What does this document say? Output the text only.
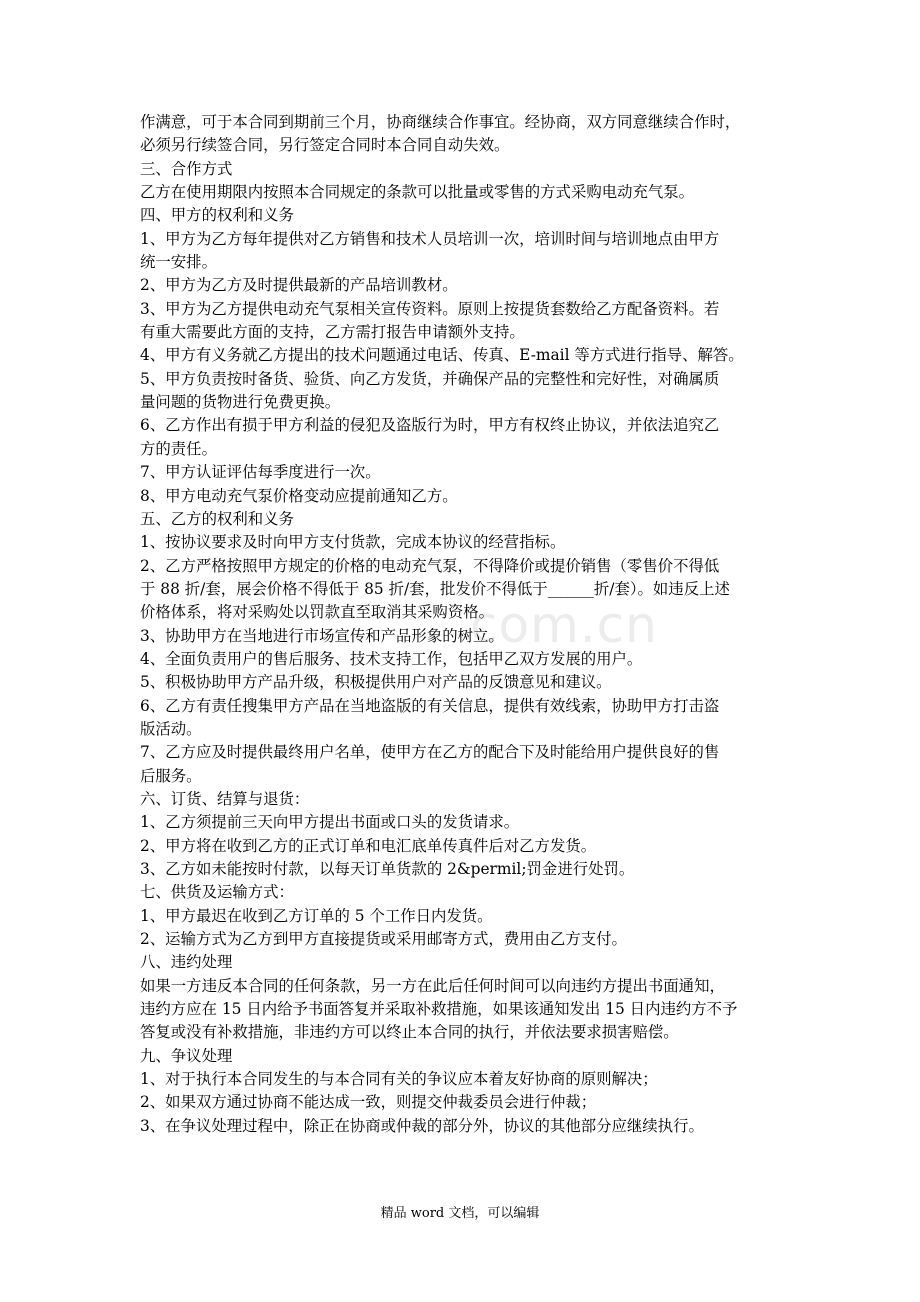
com.cn
作满意，可于本合同到期前三个月，协商继续合作事宜。经协商，双方同意继续合作时，
必须另行续签合同，另行签定合同时本合同自动失效。
三、合作方式
乙方在使用期限内按照本合同规定的条款可以批量或零售的方式采购电动充气泵。
四、甲方的权利和义务
1、甲方为乙方每年提供对乙方销售和技术人员培训一次，培训时间与培训地点由甲方
统一安排。
2、甲方为乙方及时提供最新的产品培训教材。
3、甲方为乙方提供电动充气泵相关宣传资料。原则上按提货套数给乙方配备资料。若
有重大需要此方面的支持，乙方需打报告申请额外支持。
4、甲方有义务就乙方提出的技术问题通过电话、传真、E-mail 等方式进行指导、解答。
5、甲方负责按时备货、验货、向乙方发货，并确保产品的完整性和完好性，对确属质
量问题的货物进行免费更换。
6、乙方作出有损于甲方利益的侵犯及盗版行为时，甲方有权终止协议，并依法追究乙
方的责任。
7、甲方认证评估每季度进行一次。
8、甲方电动充气泵价格变动应提前通知乙方。
五、乙方的权利和义务
1、按协议要求及时向甲方支付货款，完成本协议的经营指标。
2、乙方严格按照甲方规定的价格的电动充气泵，不得降价或提价销售（零售价不得低
于 88 折/套，展会价格不得低于 85 折/套，批发价不得低于______折/套）。如违反上述
价格体系，将对采购处以罚款直至取消其采购资格。
3、协助甲方在当地进行市场宣传和产品形象的树立。
4、全面负责用户的售后服务、技术支持工作，包括甲乙双方发展的用户。
5、积极协助甲方产品升级，积极提供用户对产品的反馈意见和建议。
6、乙方有责任搜集甲方产品在当地盗版的有关信息，提供有效线索，协助甲方打击盗
版活动。
7、乙方应及时提供最终用户名单，使甲方在乙方的配合下及时能给用户提供良好的售
后服务。
六、订货、结算与退货：
1、乙方须提前三天向甲方提出书面或口头的发货请求。
2、甲方将在收到乙方的正式订单和电汇底单传真件后对乙方发货。
3、乙方如未能按时付款，以每天订单货款的 2&permil;罚金进行处罚。
七、供货及运输方式：
1、甲方最迟在收到乙方订单的 5 个工作日内发货。
2、运输方式为乙方到甲方直接提货或采用邮寄方式，费用由乙方支付。
八、违约处理
如果一方违反本合同的任何条款，另一方在此后任何时间可以向违约方提出书面通知，
违约方应在 15 日内给予书面答复并采取补救措施，如果该通知发出 15 日内违约方不予
答复或没有补救措施，非违约方可以终止本合同的执行，并依法要求损害赔偿。
九、争议处理
1、对于执行本合同发生的与本合同有关的争议应本着友好协商的原则解决；
2、如果双方通过协商不能达成一致，则提交仲裁委员会进行仲裁；
3、在争议处理过程中，除正在协商或仲裁的部分外，协议的其他部分应继续执行。
精品 word 文档，可以编辑
